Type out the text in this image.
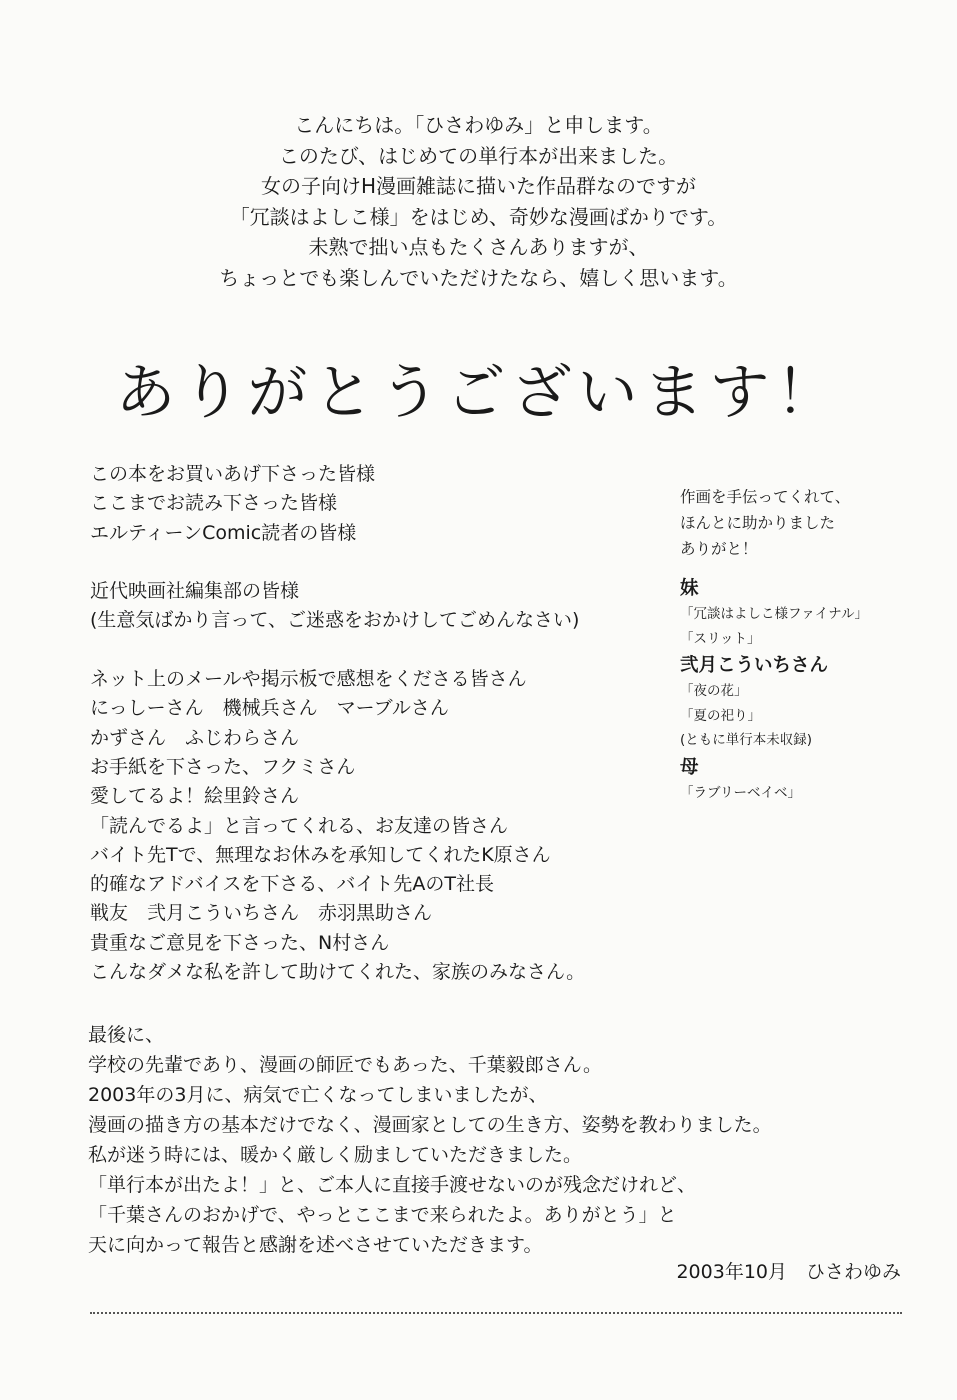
こんにちは。「ひさわゆみ」と申します。
このたび、はじめての単行本が出来ました。
女の子向けH漫画雑誌に描いた作品群なのですが
「冗談はよしこ様」をはじめ、奇妙な漫画ばかりです。
未熟で拙い点もたくさんありますが、
ちょっとでも楽しんでいただけたなら、嬉しく思います。
ありがとうございます！
この本をお買いあげ下さった皆様
ここまでお読み下さった皆様
エルティーンComic読者の皆様
近代映画社編集部の皆様
(生意気ばかり言って、ご迷惑をおかけしてごめんなさい)
ネット上のメールや掲示板で感想をくださる皆さん
にっしーさん　機械兵さん　マーブルさん
かずさん　ふじわらさん
お手紙を下さった、フクミさん
愛してるよ！絵里鈴さん
「読んでるよ」と言ってくれる、お友達の皆さん
バイト先Tで、無理なお休みを承知してくれたK原さん
的確なアドバイスを下さる、バイト先AのT社長
戦友　弐月こういちさん　赤羽黒助さん
貴重なご意見を下さった、N村さん
こんなダメな私を許して助けてくれた、家族のみなさん。
作画を手伝ってくれて、
ほんとに助かりました
ありがと！
妹
「冗談はよしこ様ファイナル」
「スリット」
弐月こういちさん
「夜の花」
「夏の祀り」
(ともに単行本未収録)
母
「ラブリーベイベ」
最後に、
学校の先輩であり、漫画の師匠でもあった、千葉毅郎さん。
2003年の3月に、病気で亡くなってしまいましたが、
漫画の描き方の基本だけでなく、漫画家としての生き方、姿勢を教わりました。
私が迷う時には、暖かく厳しく励ましていただきました。
「単行本が出たよ！」と、ご本人に直接手渡せないのが残念だけれど、
「千葉さんのおかげで、やっとここまで来られたよ。ありがとう」と
天に向かって報告と感謝を述べさせていただきます。
2003年10月　ひさわゆみ
